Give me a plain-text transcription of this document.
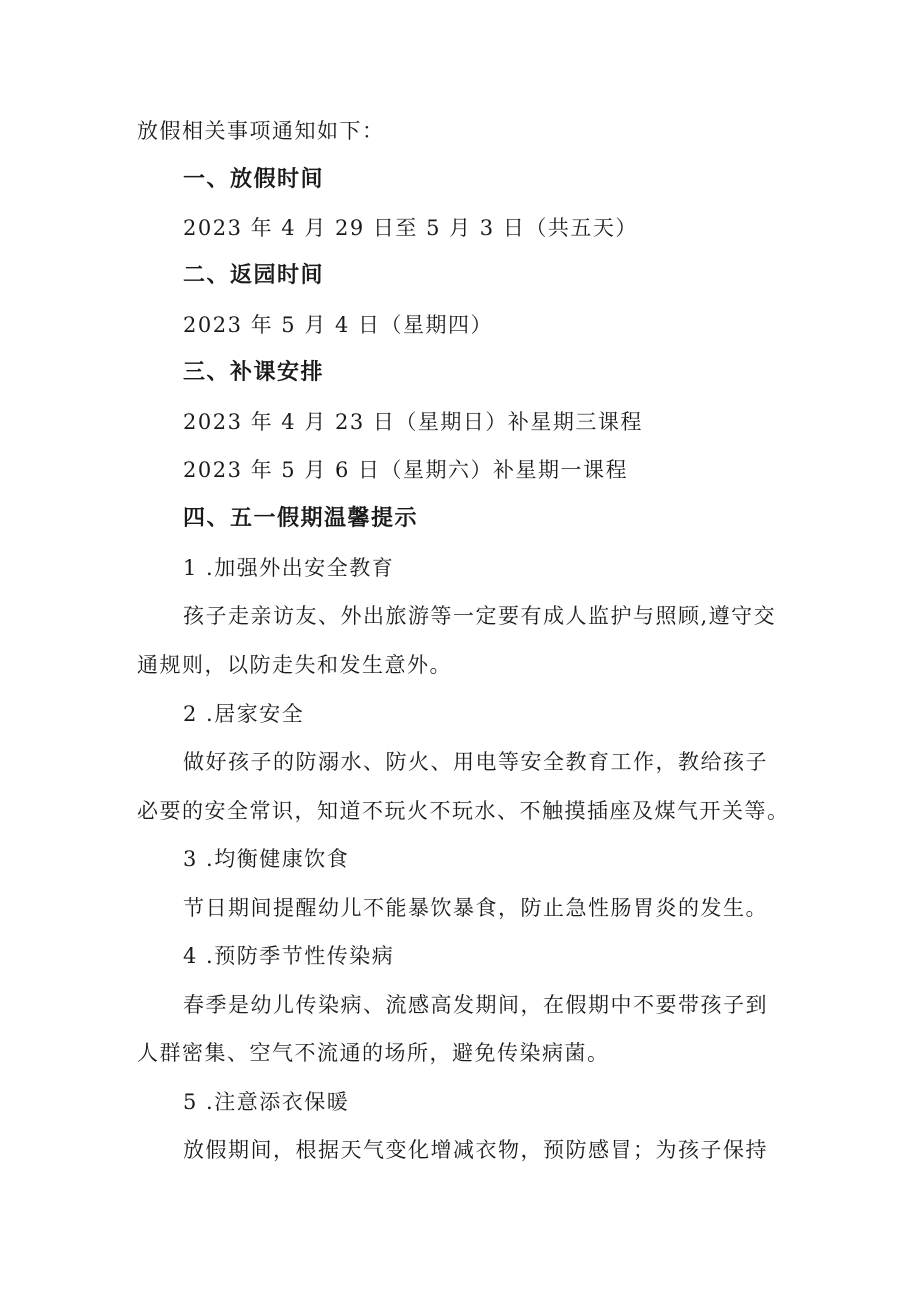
放假相关事项通知如下：
一、放假时间
2023 年 4 月 29 日至 5 月 3 日（共五天）
二、返园时间
2023 年 5 月 4 日（星期四）
三、补课安排
2023 年 4 月 23 日（星期日）补星期三课程
2023 年 5 月 6 日（星期六）补星期一课程
四、五一假期温馨提示
1 .加强外出安全教育
孩子走亲访友、外出旅游等一定要有成人监护与照顾,遵守交
通规则，以防走失和发生意外。
2 .居家安全
做好孩子的防溺水、防火、用电等安全教育工作，教给孩子
必要的安全常识，知道不玩火不玩水、不触摸插座及煤气开关等。
3 .均衡健康饮食
节日期间提醒幼儿不能暴饮暴食，防止急性肠胃炎的发生。
4 .预防季节性传染病
春季是幼儿传染病、流感高发期间，在假期中不要带孩子到
人群密集、空气不流通的场所，避免传染病菌。
5 .注意添衣保暖
放假期间，根据天气变化增减衣物，预防感冒；为孩子保持
